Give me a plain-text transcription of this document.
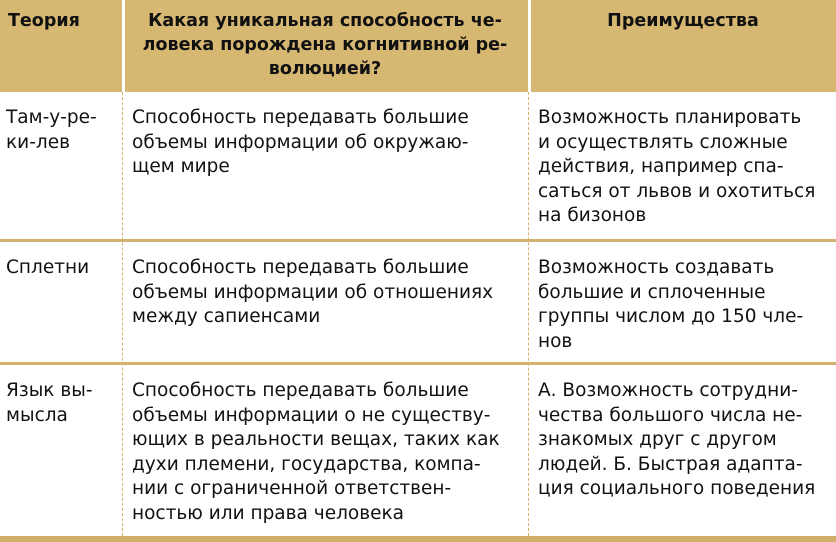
Теория	Какая уникальная способность че-
ловека порождена когнитивной ре-
волюцией?
Преимущества
Там-у-ре-
ки-лев
Способность передавать большие
объемы информации об окружаю-
щем мире
Возможность планировать
и осуществлять сложные
действия, например спа-
саться от львов и охотиться
на бизонов
Сплетни	Способность передавать большие
объемы информации об отношениях
между сапиенсами
Возможность создавать
большие и сплоченные
группы числом до 150 чле-
нов
Язык вы-
мысла
Способность передавать большие
объемы информации о не существу-
ющих в реальности вещах, таких как
духи племени, государства, компа-
нии с ограниченной ответствен-
ностью или права человека
А. Возможность сотрудни-
чества большого числа не-
знакомых друг с другом
людей. Б. Быстрая адапта-
ция социального поведения
